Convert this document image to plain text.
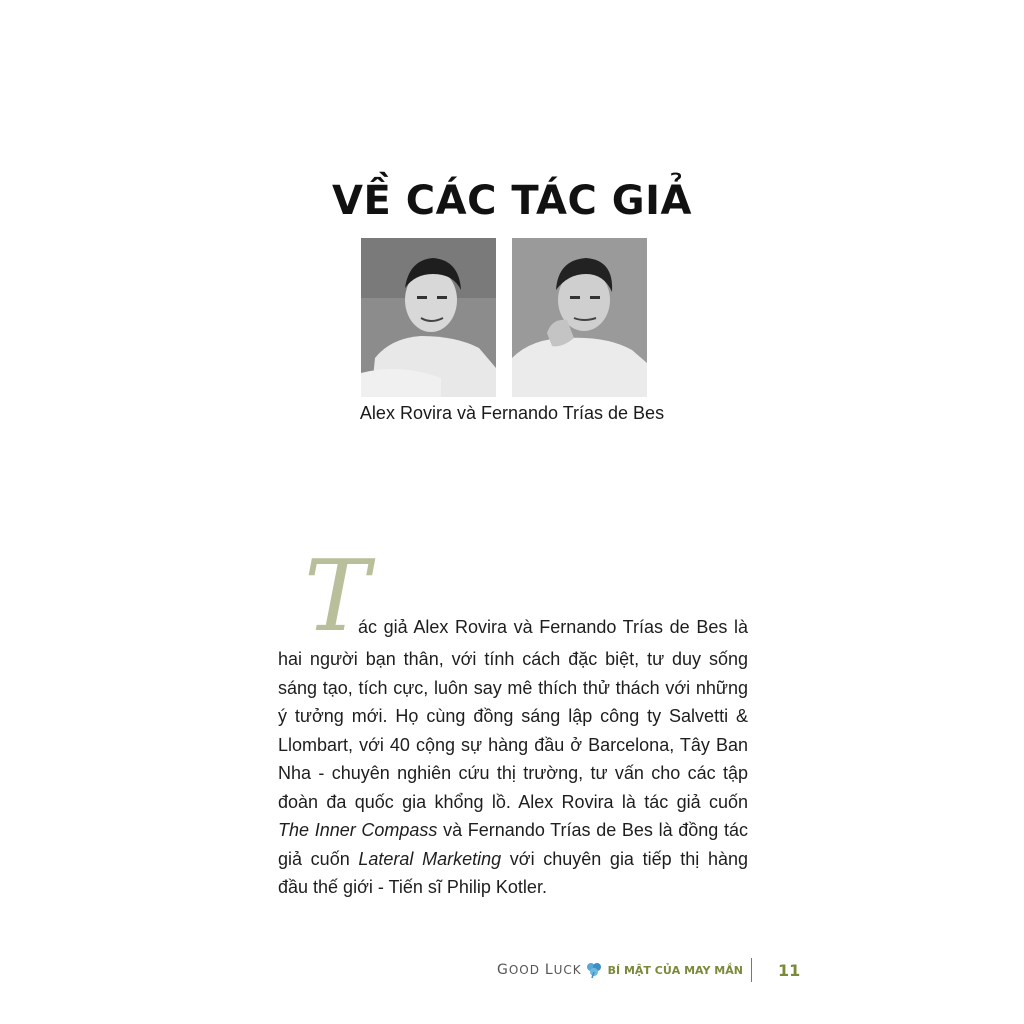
VỀ CÁC TÁC GIẢ
Alex Rovira và Fernando Trías de Bes
T
ác giả Alex Rovira và Fernando Trías de Bes là
hai người bạn thân, với tính cách đặc biệt, tư duy sống
sáng tạo, tích cực, luôn say mê thích thử thách với những
ý tưởng mới. Họ cùng đồng sáng lập công ty Salvetti &
Llombart, với 40 cộng sự hàng đầu ở Barcelona, Tây Ban
Nha - chuyên nghiên cứu thị trường, tư vấn cho các tập
đoàn đa quốc gia khổng lồ. Alex Rovira là tác giả cuốn
The Inner Compass và Fernando Trías de Bes là đồng tác
giả cuốn Lateral Marketing với chuyên gia tiếp thị hàng
đầu thế giới - Tiến sĩ Philip Kotler.
GOOD LUCK BÍ MẬT CỦA MAY MẮN 11
